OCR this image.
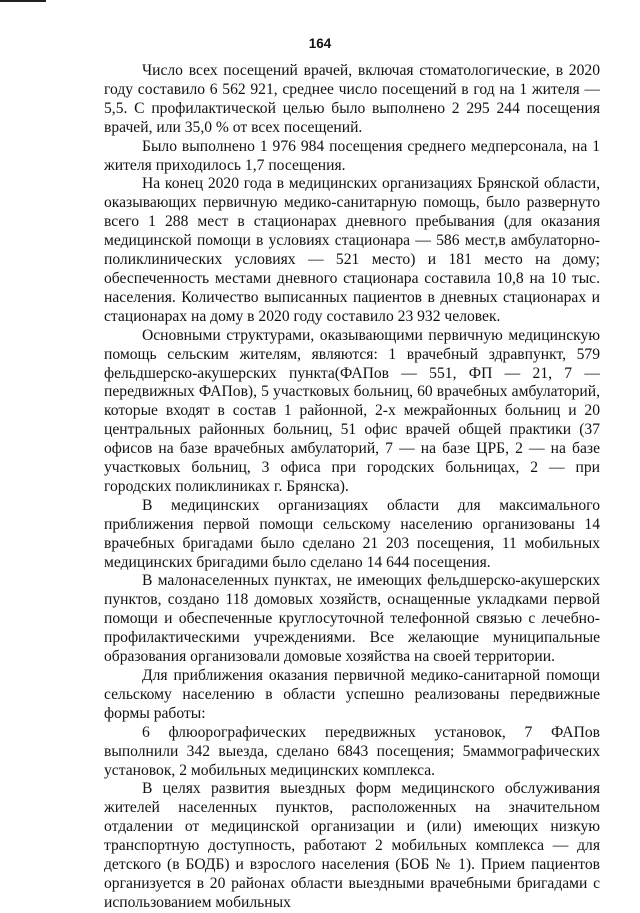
164

Число всех посещений врачей, включая стоматологические, в 2020 году составило 6 562 921, среднее число посещений в год на 1 жителя — 5,5. С профилактической целью было выполнено 2 295 244 посещения врачей, или 35,0 % от всех посещений.

Было выполнено 1 976 984 посещения среднего медперсонала, на 1 жителя приходилось 1,7 посещения.

На конец 2020 года в медицинских организациях Брянской области, оказывающих первичную медико-санитарную помощь, было развернуто всего 1 288 мест в стационарах дневного пребывания (для оказания медицинской помощи в условиях стационара — 586 мест,в амбулаторно-поликлинических условиях — 521 место) и 181 место на дому; обеспеченность местами дневного стационара составила 10,8 на 10 тыс. населения. Количество выписанных пациентов в дневных стационарах и стационарах на дому в 2020 году составило 23 932 человек.

Основными структурами, оказывающими первичную медицинскую помощь сельским жителям, являются: 1 врачебный здравпункт, 579 фельдшерско-акушерских пункта(ФАПов — 551, ФП — 21, 7 — передвижных ФАПов), 5 участковых больниц, 60 врачебных амбулаторий, которые входят в состав 1 районной, 2-х межрайонных больниц и 20 центральных районных больниц, 51 офис врачей общей практики (37 офисов на базе врачебных амбулаторий, 7 — на базе ЦРБ, 2 — на базе участковых больниц, 3 офиса при городских больницах, 2 — при городских поликлиниках г. Брянска).

В медицинских организациях области для максимального приближения первой помощи сельскому населению организованы 14 врачебных бригадами было сделано 21 203 посещения, 11 мобильных медицинских бригадими было сделано 14 644 посещения.

В малонаселенных пунктах, не имеющих фельдшерско-акушерских пунктов, создано 118 домовых хозяйств, оснащенные укладками первой помощи и обеспеченные круглосуточной телефонной связью с лечебно-профилактическими учреждениями. Все желающие муниципальные образования организовали домовые хозяйства на своей территории.

Для приближения оказания первичной медико-санитарной помощи сельскому населению в области успешно реализованы передвижные формы работы:

6 флюорографических передвижных установок, 7 ФАПов выполнили 342 выезда, сделано 6843 посещения; 5маммографических установок, 2 мобильных медицинских комплекса.

В целях развития выездных форм медицинского обслуживания жителей населенных пунктов, расположенных на значительном отдалении от медицинской организации и (или) имеющих низкую транспортную доступность, работают 2 мобильных комплекса — для детского (в БОДБ) и взрослого населения (БОБ № 1). Прием пациентов организуется в 20 районах области выездными врачебными бригадами с использованием мобильных
